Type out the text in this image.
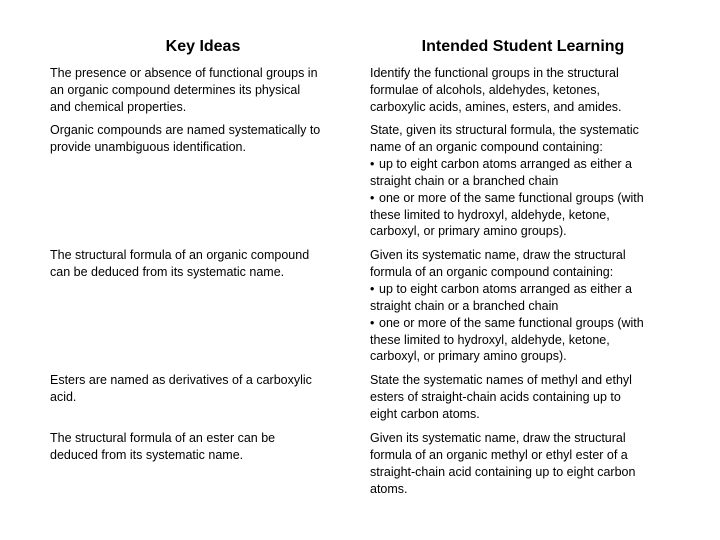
Key Ideas	Intended Student Learning
The presence or absence of functional groups in
an organic compound determines its physical
and chemical properties.
Identify the functional groups in the structural
formulae of alcohols, aldehydes, ketones,
carboxylic acids, amines, esters, and amides.
Organic compounds are named systematically to
provide unambiguous identification.
State, given its structural formula, the systematic
name of an organic compound containing:
• up to eight carbon atoms arranged as either a
straight chain or a branched chain
• one or more of the same functional groups (with
these limited to hydroxyl, aldehyde, ketone,
carboxyl, or primary amino groups).
The structural formula of an organic compound
can be deduced from its systematic name.
Given its systematic name, draw the structural
formula of an organic compound containing:
• up to eight carbon atoms arranged as either a
straight chain or a branched chain
• one or more of the same functional groups (with
these limited to hydroxyl, aldehyde, ketone,
carboxyl, or primary amino groups).
Esters are named as derivatives of a carboxylic
acid.
State the systematic names of methyl and ethyl
esters of straight-chain acids containing up to
eight carbon atoms.
The structural formula of an ester can be
deduced from its systematic name.
Given its systematic name, draw the structural
formula of an organic methyl or ethyl ester of a
straight-chain acid containing up to eight carbon
atoms.
